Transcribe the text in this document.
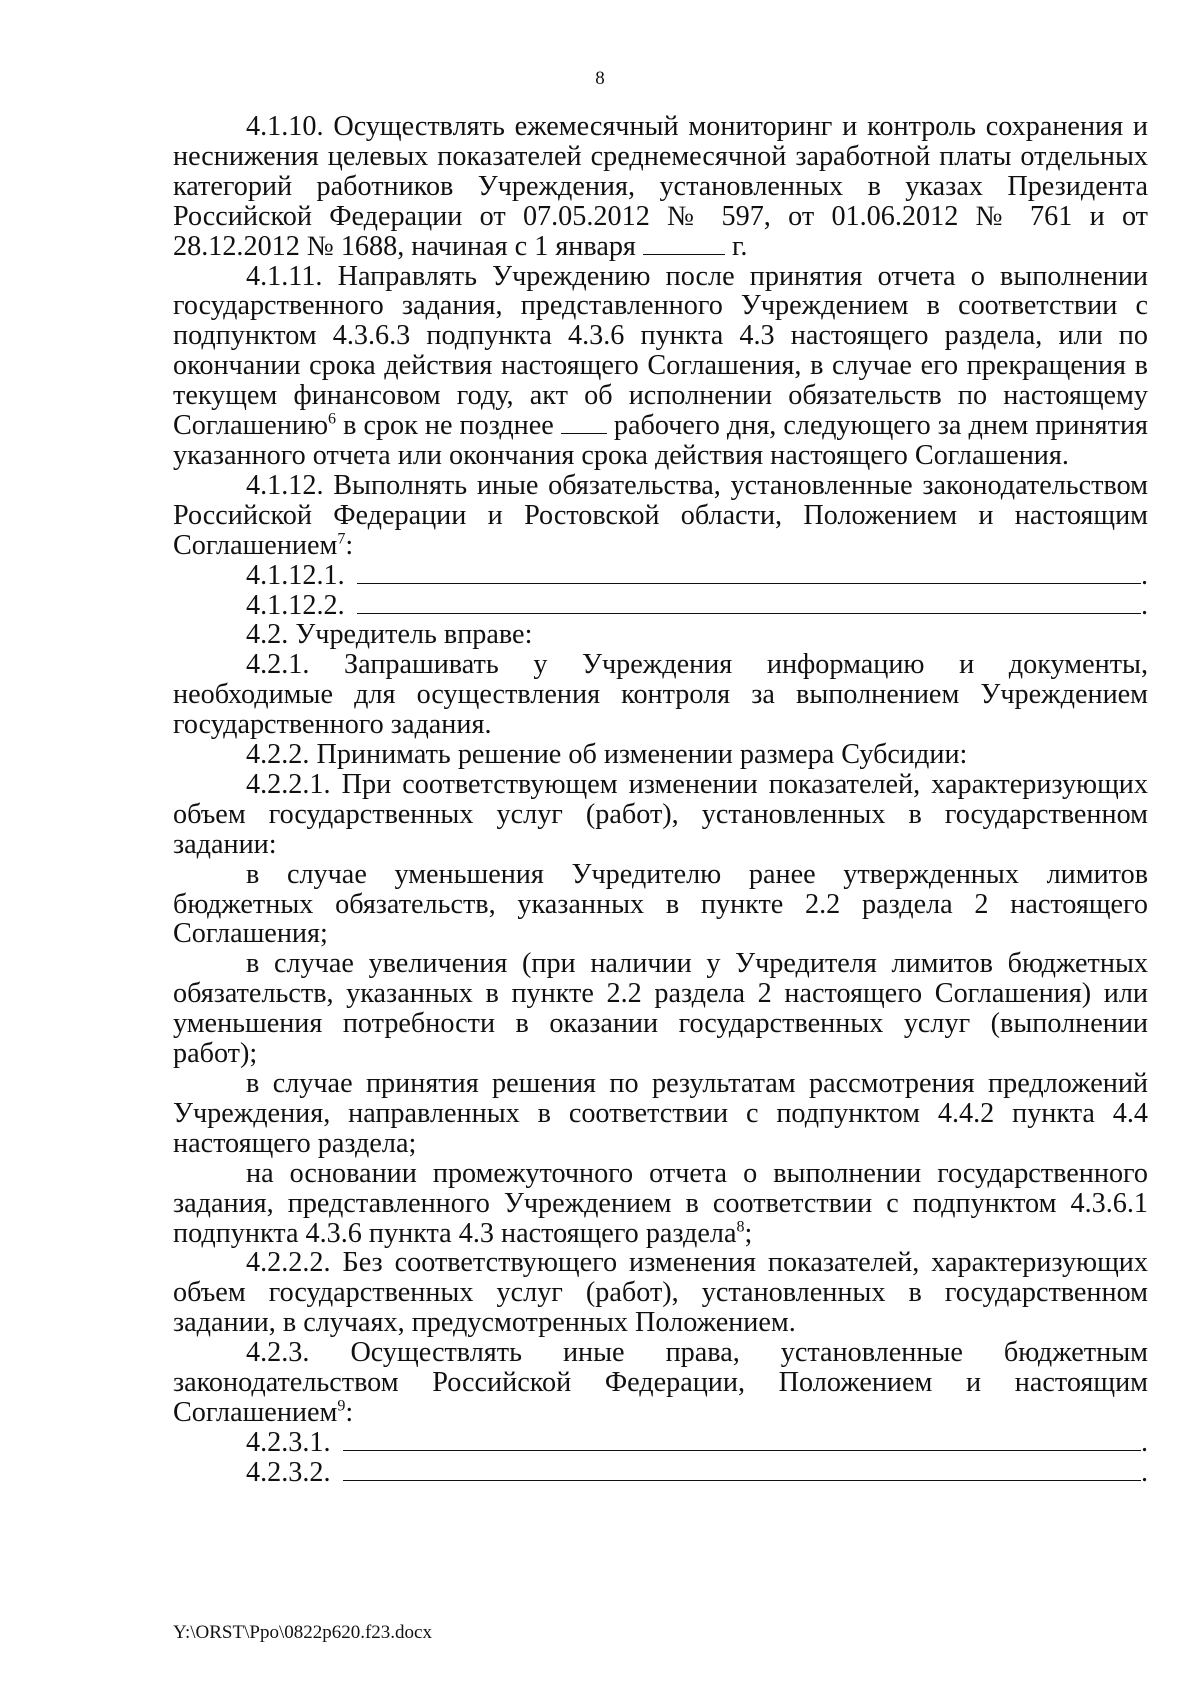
8

4.1.10. Осуществлять ежемесячный мониторинг и контроль сохранения и неснижения целевых показателей среднемесячной заработной платы отдельных категорий работников Учреждения, установленных в указах Президента Российской Федерации от 07.05.2012 № 597, от 01.06.2012 № 761 и от 28.12.2012 № 1688, начиная с 1 января	г.

4.1.11. Направлять Учреждению после принятия отчета о выполнении государственного задания, представленного Учреждением в соответствии с подпунктом 4.3.6.3 подпункта 4.3.6 пункта 4.3 настоящего раздела, или по окончании срока действия настоящего Соглашения, в случае его прекращения в текущем финансовом году, акт об исполнении обязательств по настоящему Соглашению$^6$ в срок не позднее  рабочего дня, следующего за днем принятия указанного отчета или окончания срока действия настоящего Соглашения.

4.1.12. Выполнять иные обязательства, установленные законодательством Российской Федерации и Ростовской области, Положением и настоящим Соглашением$^7$:

4.1.12.1.	.
4.1.12.2.	.

4.2. Учредитель вправе:

4.2.1. Запрашивать у Учреждения информацию и документы, необходимые для осуществления контроля за выполнением Учреждением государственного задания.

4.2.2. Принимать решение об изменении размера Субсидии:

4.2.2.1. При соответствующем изменении показателей, характеризующих объем государственных услуг (работ), установленных в государственном задании:

в случае уменьшения Учредителю ранее утвержденных лимитов бюджетных обязательств, указанных в пункте 2.2 раздела 2 настоящего Соглашения;

в случае увеличения (при наличии у Учредителя лимитов бюджетных обязательств, указанных в пункте 2.2 раздела 2 настоящего Соглашения) или уменьшения потребности в оказании государственных услуг (выполнении работ);

в случае принятия решения по результатам рассмотрения предложений Учреждения, направленных в соответствии с подпунктом 4.4.2 пункта 4.4 настоящего раздела;

на основании промежуточного отчета о выполнении государственного задания, представленного Учреждением в соответствии с подпунктом 4.3.6.1 подпункта 4.3.6 пункта 4.3 настоящего раздела$^8$;

4.2.2.2. Без соответствующего изменения показателей, характеризующих объем государственных услуг (работ), установленных в государственном задании, в случаях, предусмотренных Положением.

4.2.3. Осуществлять иные права, установленные бюджетным законодательством Российской Федерации, Положением и настоящим Соглашением$^9$:

4.2.3.1.	.
4.2.3.2.	.
Y:\ORST\Ppo\0822p620.f23.docx
